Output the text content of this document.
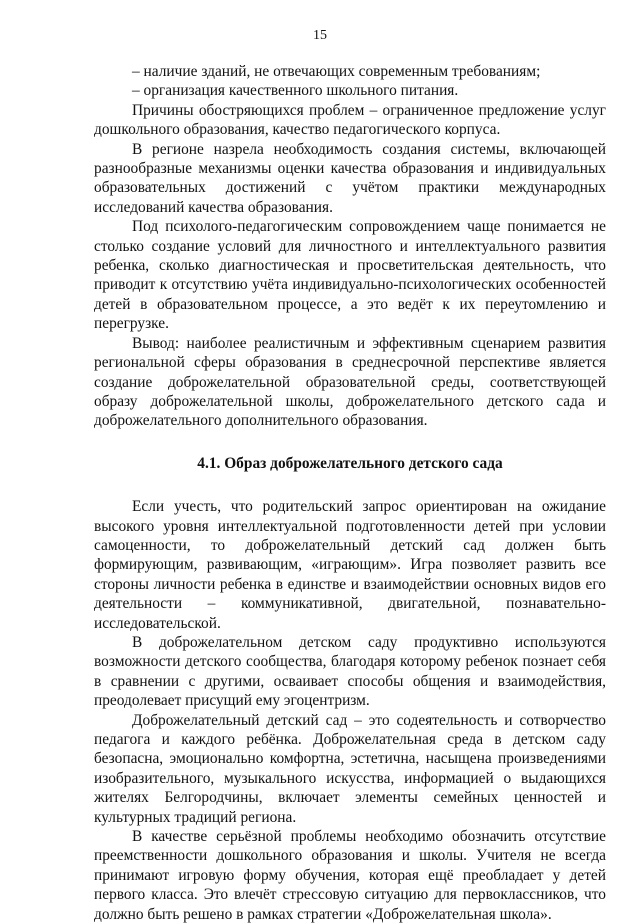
15

– наличие зданий, не отвечающих современным требованиям;

– организация качественного школьного питания.

Причины обостряющихся проблем – ограниченное предложение услуг дошкольного образования, качество педагогического корпуса.

В регионе назрела необходимость создания системы, включающей разнообразные механизмы оценки качества образования и индивидуальных образовательных достижений с учётом практики международных исследований качества образования.

Под психолого-педагогическим сопровождением чаще понимается не столько создание условий для личностного и интеллектуального развития ребенка, сколько диагностическая и просветительская деятельность, что приводит к отсутствию учёта индивидуально-психологических особенностей детей в образовательном процессе, а это ведёт к их переутомлению и перегрузке.

Вывод: наиболее реалистичным и эффективным сценарием развития региональной сферы образования в среднесрочной перспективе является создание доброжелательной образовательной среды, соответствующей образу доброжелательной школы, доброжелательного детского сада и доброжелательного дополнительного образования.

4.1. Образ доброжелательного детского сада

Если учесть, что родительский запрос ориентирован на ожидание высокого уровня интеллектуальной подготовленности детей при условии самоценности, то доброжелательный детский сад должен быть формирующим, развивающим, «играющим». Игра позволяет развить все стороны личности ребенка в единстве и взаимодействии основных видов его деятельности – коммуникативной, двигательной, познавательно-исследовательской.

В доброжелательном детском саду продуктивно используются возможности детского сообщества, благодаря которому ребенок познает себя в сравнении с другими, осваивает способы общения и взаимодействия, преодолевает присущий ему эгоцентризм.

Доброжелательный детский сад – это содеятельность и сотворчество педагога и каждого ребёнка. Доброжелательная среда в детском саду безопасна, эмоционально комфортна, эстетична, насыщена произведениями изобразительного, музыкального искусства, информацией о выдающихся жителях Белгородчины, включает элементы семейных ценностей и культурных традиций региона.

В качестве серьёзной проблемы необходимо обозначить отсутствие преемственности дошкольного образования и школы. Учителя не всегда принимают игровую форму обучения, которая ещё преобладает у детей первого класса. Это влечёт стрессовую ситуацию для первоклассников, что должно быть решено в рамках стратегии «Доброжелательная школа».
